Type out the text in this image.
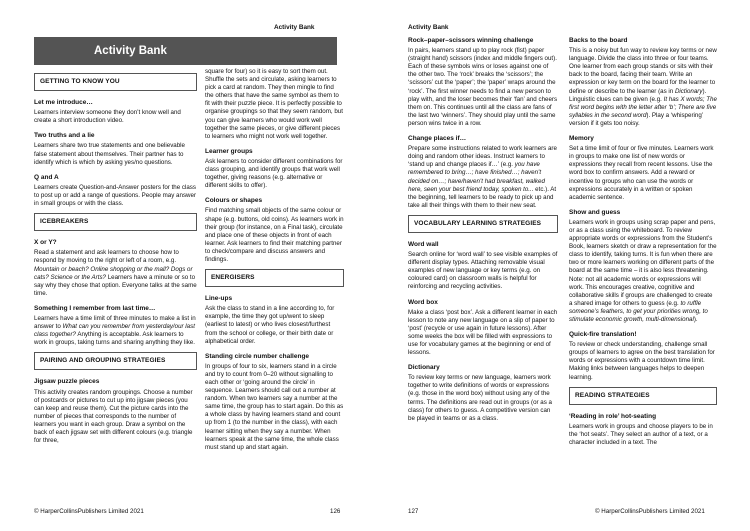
Activity Bank
Activity Bank
GETTING TO KNOW YOU
Let me introduce…

Learners interview someone they don’t know well and create a short introduction video.

Two truths and a lie

Learners share two true statements and one believable false statement about themselves. Their partner has to identify which is which by asking yes/no questions.

Q and A

Learners create Question-and-Answer posters for the class to post up or add a range of questions. People may answer in small groups or with the class.

ICEBREAKERS
X or Y?

Read a statement and ask learners to choose how to respond by moving to the right or left of a room, e.g. Mountain or beach? Online shopping or the mall? Dogs or cats? Science or the Arts? Learners have a minute or so to say why they chose that option. Everyone talks at the same time.

Something I remember from last time…

Learners have a time limit of three minutes to make a list in answer to What can you remember from yesterday/our last class together? Anything is acceptable. Ask learners to work in groups, taking turns and sharing anything they like.

PAIRING AND GROUPING STRATEGIES
Jigsaw puzzle pieces

This activity creates random groupings. Choose a number of postcards or pictures to cut up into jigsaw pieces (you can keep and reuse them). Cut the picture cards into the number of pieces that corresponds to the number of learners you want in each group. Draw a symbol on the back of each jigsaw set with different colours (e.g. triangle for three,

square for four) so it is easy to sort them out. Shuffle the sets and circulate, asking learners to pick a card at random. They then mingle to find the others that have the same symbol as them to fit with their puzzle piece. It is perfectly possible to organise groupings so that they seem random, but you can give learners who would work well together the same pieces, or give different pieces to learners who might not work well together.

Learner groups

Ask learners to consider different combinations for class grouping, and identify groups that work well together, giving reasons (e.g. alternative or different skills to offer).

Colours or shapes

Find matching small objects of the same colour or shape (e.g. buttons, old coins). As learners work in their group (for instance, on a Final task), circulate and place one of these objects in front of each learner. Ask learners to find their matching partner to check/compare and discuss answers and findings.

ENERGISERS
Line-ups

Ask the class to stand in a line according to, for example, the time they got up/went to sleep (earliest to latest) or who lives closest/furthest from the school or college, or their birth date or alphabetical order.

Standing circle number challenge

In groups of four to six, learners stand in a circle and try to count from 0–20 without signalling to each other or ‘going around the circle’ in sequence. Learners should call out a number at random. When two learners say a number at the same time, the group has to start again. Do this as a whole class by having learners stand and count up from 1 (to the number in the class), with each learner sitting when they say a number. When learners speak at the same time, the whole class must stand up and start again.

© HarperCollinsPublishers Limited 2021	126
Activity Bank
Rock–paper–scissors winning challenge

In pairs, learners stand up to play rock (fist) paper (straight hand) scissors (index and middle fingers out). Each of these symbols wins or loses against one of the other two. The ‘rock’ breaks the ‘scissors’; the ‘scissors’ cut the ‘paper’; the ‘paper’ wraps around the ‘rock’. The first winner needs to find a new person to play with, and the loser becomes their ‘fan’ and cheers them on. This continues until all the class are fans of the last two ‘winners’. They should play until the same person wins twice in a row.

Change places if…

Prepare some instructions related to work learners are doing and random other ideas. Instruct learners to ‘stand up and change places if…’ (e.g. you have remembered to bring…; have finished…; haven’t decided on…; have/haven’t had breakfast, walked here, seen your best friend today, spoken to... etc.). At the beginning, tell learners to be ready to pick up and take all their things with them to their new seat.

VOCABULARY LEARNING STRATEGIES
Word wall

Search online for ‘word wall’ to see visible examples of different display types. Attaching removable visual examples of new language or key terms (e.g. on coloured card) on classroom walls is helpful for reinforcing and recycling activities.

Word box

Make a class ‘post box’. Ask a different learner in each lesson to note any new language on a slip of paper to ‘post’ (recycle or use again in future lessons). After some weeks the box will be filled with expressions to use for vocabulary games at the beginning or end of lessons.

Dictionary

To review key terms or new language, learners work together to write definitions of words or expressions (e.g. those in the word box) without using any of the terms. The definitions are read out in groups (or as a class) for others to guess. A competitive version can be played in teams or as a class.

Backs to the board

This is a noisy but fun way to review key terms or new language. Divide the class into three or four teams. One learner from each group stands or sits with their back to the board, facing their team. Write an expression or key term on the board for the learner to define or describe to the learner (as in Dictionary). Linguistic clues can be given (e.g. It has X words; The first word begins with the letter after ‘b’; There are five syllables in the second word). Play a ‘whispering’ version if it gets too noisy.

Memory

Set a time limit of four or five minutes. Learners work in groups to make one list of new words or expressions they recall from recent lessons. Use the word box to confirm answers. Add a reward or incentive to groups who can use the words or expressions accurately in a written or spoken academic sentence.

Show and guess

Learners work in groups using scrap paper and pens, or as a class using the whiteboard. To review appropriate words or expressions from the Student’s Book, learners sketch or draw a representation for the class to identify, taking turns. It is fun when there are two or more learners working on different parts of the board at the same time – it is also less threatening. Note: not all academic words or expressions will work. This encourages creative, cognitive and collaborative skills if groups are challenged to create a shared image for others to guess (e.g. to ruffle someone’s feathers, to get your priorities wrong, to stimulate economic growth, multi-dimensional).

Quick-fire translation!

To review or check understanding, challenge small groups of learners to agree on the best translation for words or expressions with a countdown time limit. Making links between languages helps to deepen learning.

READING STRATEGIES
‘Reading in role’ hot-seating

Learners work in groups and choose players to be in the ‘hot seats’. They select an author of a text, or a character included in a text. The

127	© HarperCollinsPublishers Limited 2021
